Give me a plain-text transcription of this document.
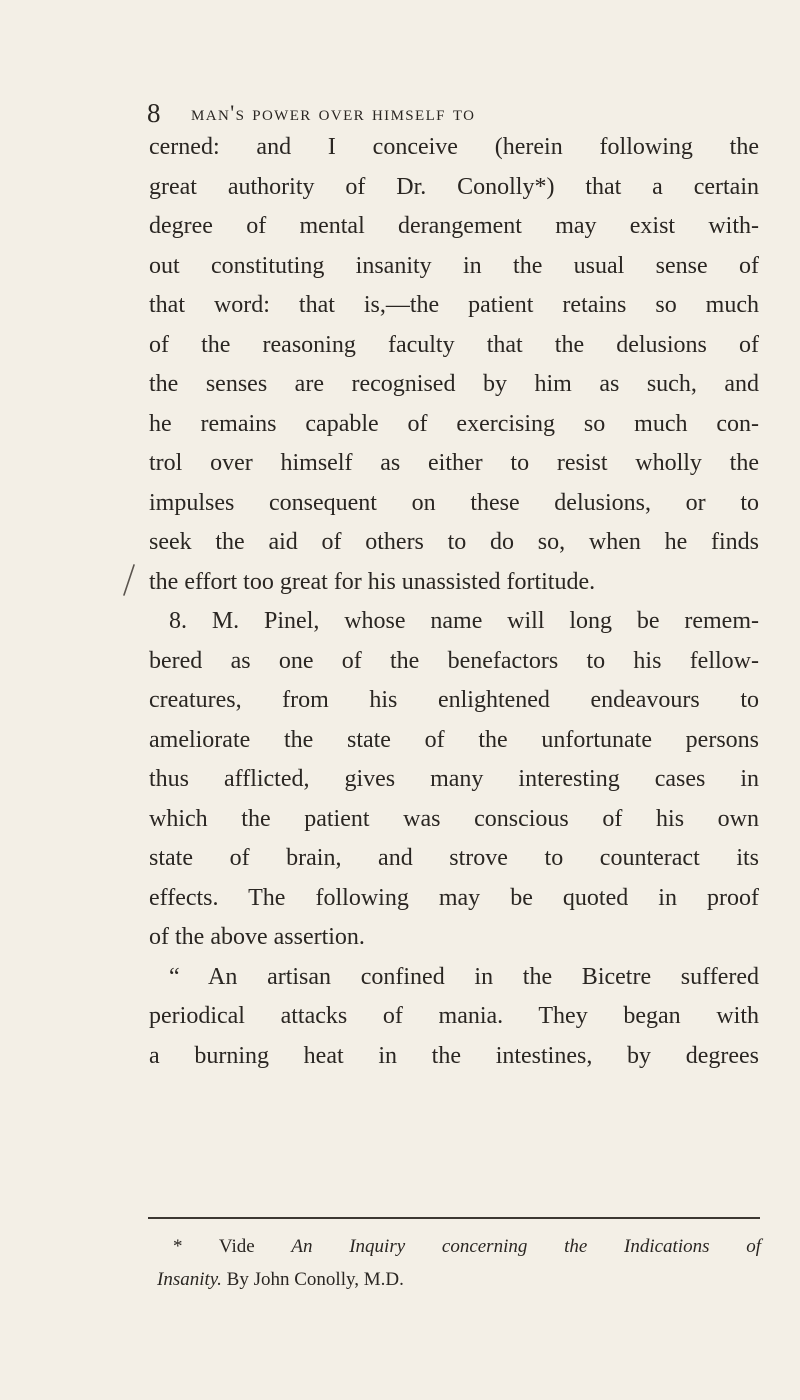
8 man's power over himself to
cerned: and I conceive (herein following the
great authority of Dr. Conolly*) that a certain
degree of mental derangement may exist with-
out constituting insanity in the usual sense of
that word: that is,—the patient retains so much
of the reasoning faculty that the delusions of
the senses are recognised by him as such, and
he remains capable of exercising so much con-
trol over himself as either to resist wholly the
impulses consequent on these delusions, or to
seek the aid of others to do so, when he finds
the effort too great for his unassisted fortitude.
8. M. Pinel, whose name will long be remem-
bered as one of the benefactors to his fellow-
creatures, from his enlightened endeavours to
ameliorate the state of the unfortunate persons
thus afflicted, gives many interesting cases in
which the patient was conscious of his own
state of brain, and strove to counteract its
effects. The following may be quoted in proof
of the above assertion.
“ An artisan confined in the Bicetre suffered
periodical attacks of mania. They began with
a burning heat in the intestines, by degrees
* Vide An Inquiry concerning the Indications of
Insanity. By John Conolly, M.D.
